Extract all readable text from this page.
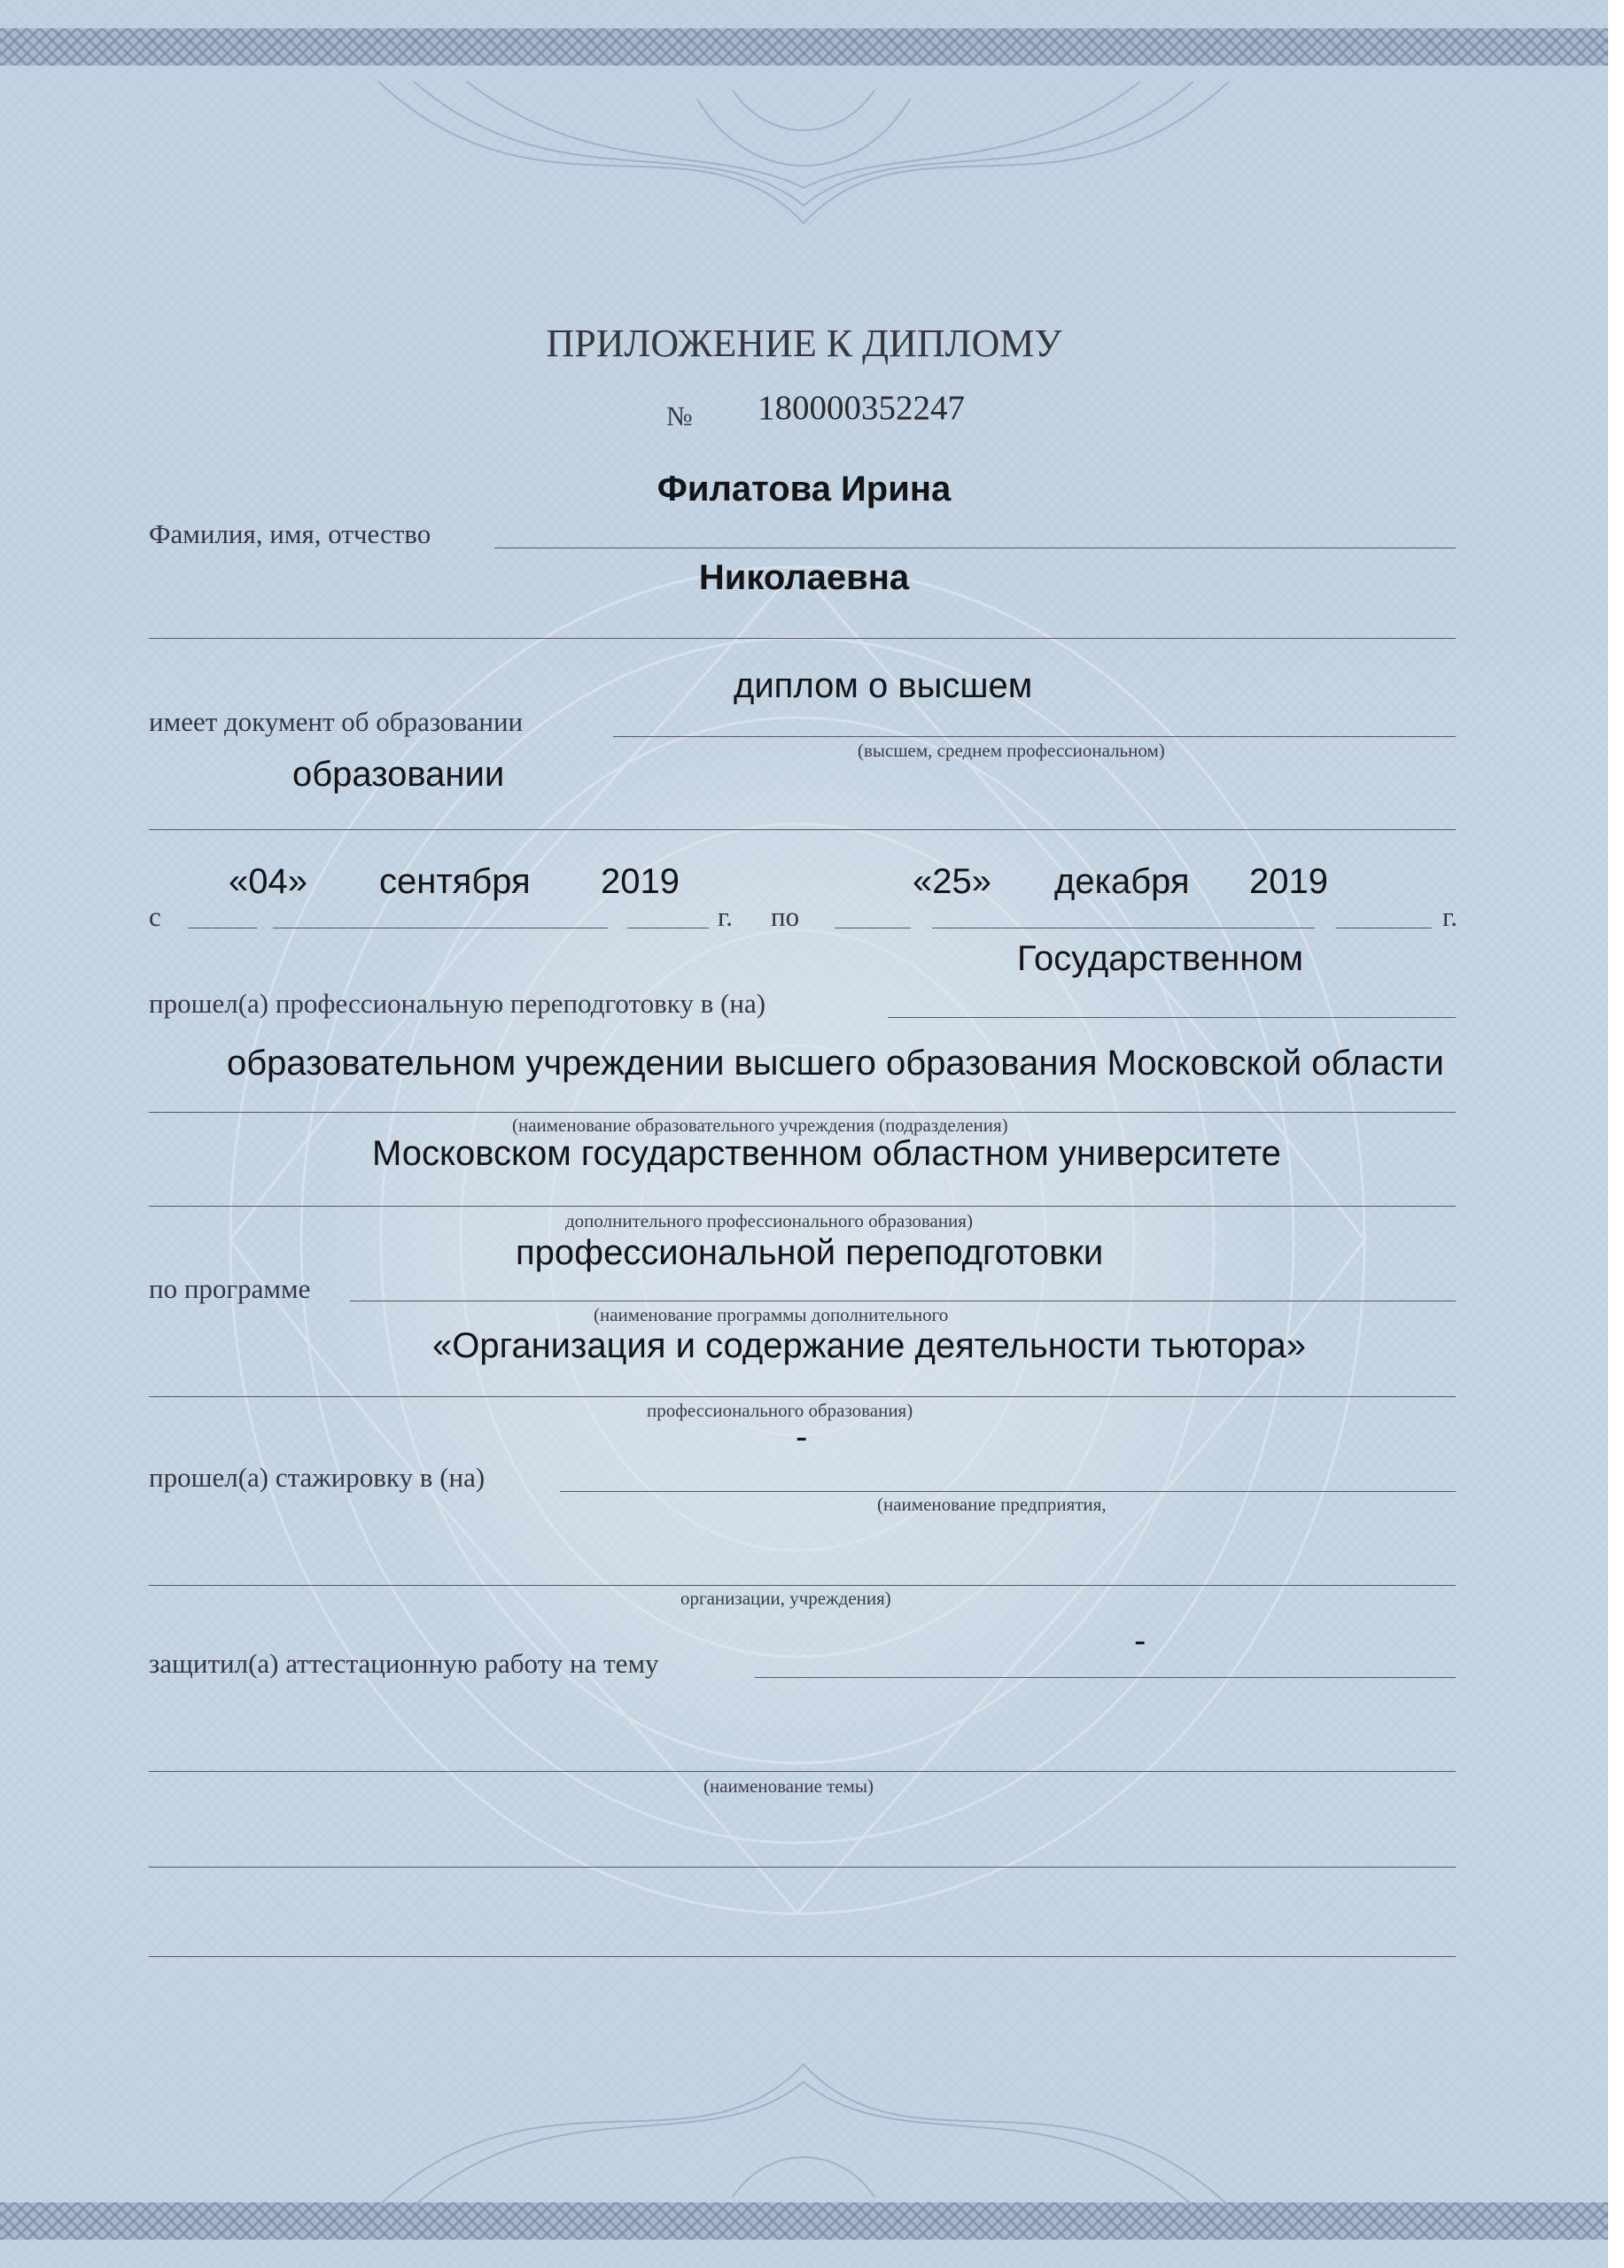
ПРИЛОЖЕНИЕ К ДИПЛОМУ
№ 180000352247
Филатова Ирина
Фамилия, имя, отчество
Николаевна
диплом о высшем
имеет документ об образовании
(высшем, среднем профессиональном)
образовании
«04» сентября 2019	«25» декабря 2019
с	г. по	г.
Государственном
прошел(а) профессиональную переподготовку в (на)
образовательном учреждении высшего образования Московской области
(наименование образовательного учреждения (подразделения)
Московском государственном областном университете
дополнительного профессионального образования)
профессиональной переподготовки
по программе
(наименование программы дополнительного
«Организация и содержание деятельности тьютора»
профессионального образования)
-
прошел(а) стажировку в (на)
(наименование предприятия,
организации, учреждения)
-
защитил(а) аттестационную работу на тему
(наименование темы)
